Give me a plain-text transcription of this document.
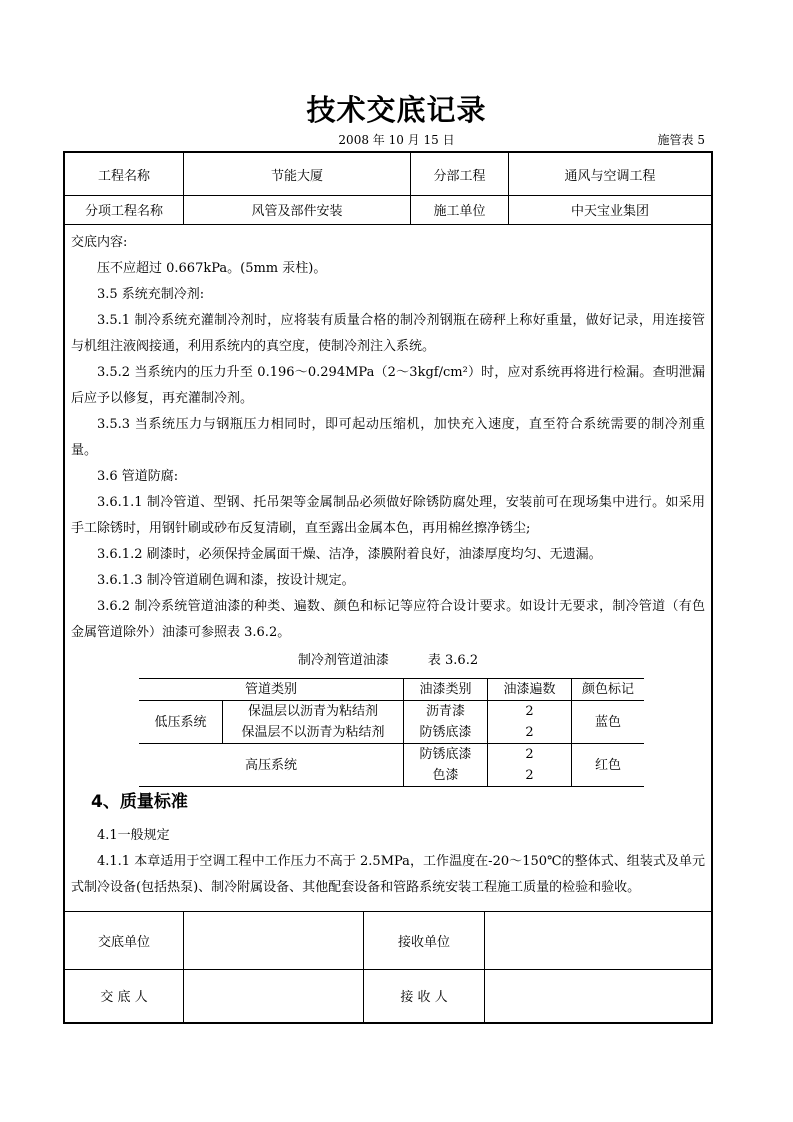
技术交底记录
2008 年 10 月 15 日	施管表 5
工程名称	节能大厦	分部工程	通风与空调工程
分项工程名称	风管及部件安装	施工单位	中天宝业集团

交底内容:

压不应超过 0.667kPa。(5mm 汞柱)。

3.5 系统充制冷剂:

3.5.1 制冷系统充灌制冷剂时，应将装有质量合格的制冷剂钢瓶在磅秤上称好重量，做好记录，用连接管与机组注液阀接通，利用系统内的真空度，使制冷剂注入系统。

3.5.2 当系统内的压力升至 0.196～0.294MPa（2～3kgf/cm²）时，应对系统再将进行检漏。查明泄漏后应予以修复，再充灌制冷剂。

3.5.3 当系统压力与钢瓶压力相同时，即可起动压缩机，加快充入速度，直至符合系统需要的制冷剂重量。

3.6 管道防腐:

3.6.1.1 制冷管道、型钢、托吊架等金属制品必须做好除锈防腐处理，安装前可在现场集中进行。如采用手工除锈时，用钢针刷或砂布反复清刷，直至露出金属本色，再用棉丝擦净锈尘;

3.6.1.2 刷漆时，必须保持金属面干燥、洁净，漆膜附着良好，油漆厚度均匀、无遗漏。

3.6.1.3 制冷管道刷色调和漆，按设计规定。

3.6.2 制冷系统管道油漆的种类、遍数、颜色和标记等应符合设计要求。如设计无要求，制冷管道（有色金属管道除外）油漆可参照表 3.6.2。

制冷剂管道油漆　　　表 3.6.2
管道类别		油漆类别	油漆遍数	颜色标记
低压系统	保温层以沥青为粘结剂	沥青漆	2	蓝色
	保温层不以沥青为粘结剂	防锈底漆	2	
高压系统		防锈底漆	2	红色
		色漆	2	
4、质量标准

4.1一般规定

4.1.1 本章适用于空调工程中工作压力不高于 2.5MPa，工作温度在-20～150℃的整体式、组装式及单元式制冷设备(包括热泵)、制冷附属设备、其他配套设备和管路系统安装工程施工质量的检验和验收。

交底单位	接收单位
交 底 人	接 收 人
